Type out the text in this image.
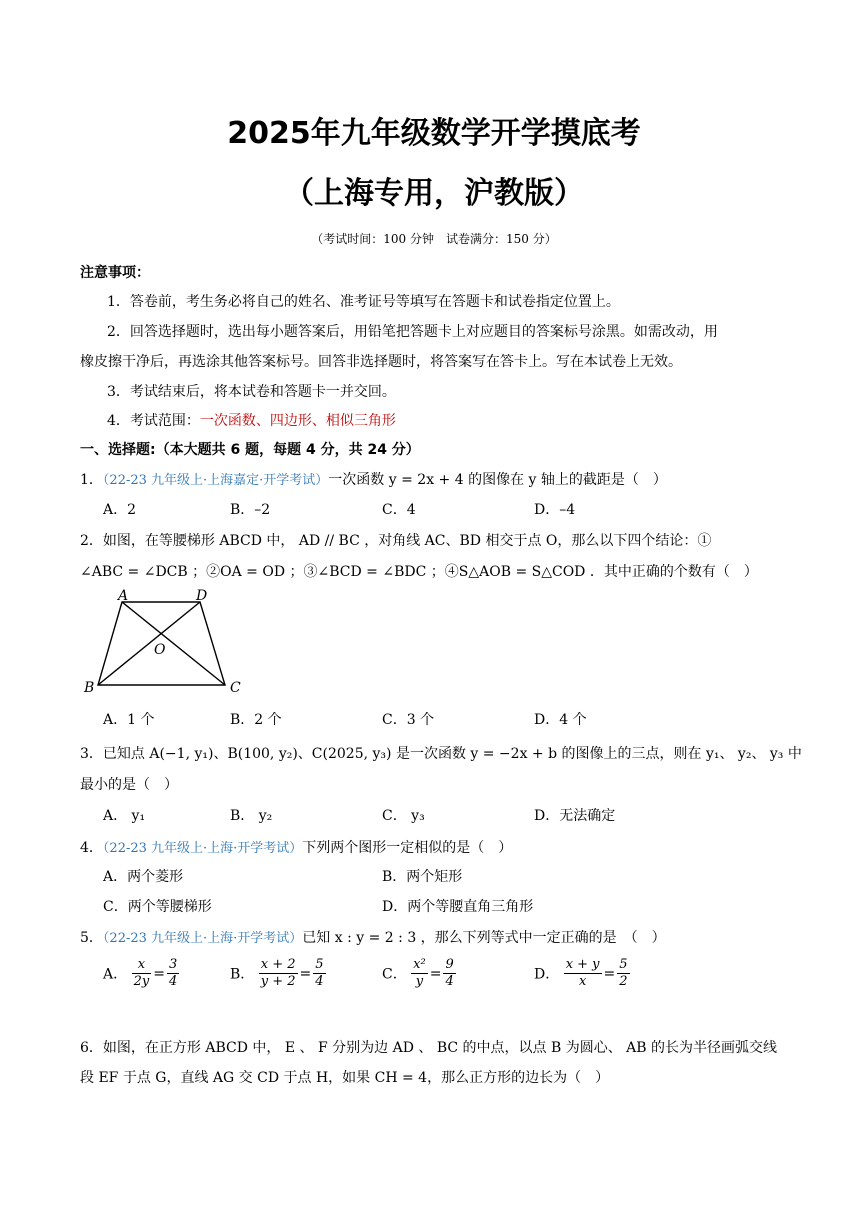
2025年九年级数学开学摸底考
（上海专用，沪教版）
（考试时间：100 分钟　试卷满分：150 分）
注意事项：
1．答卷前，考生务必将自己的姓名、准考证号等填写在答题卡和试卷指定位置上。
2．回答选择题时，选出每小题答案后，用铅笔把答题卡上对应题目的答案标号涂黑。如需改动，用
橡皮擦干净后，再选涂其他答案标号。回答非选择题时，将答案写在答卡上。写在本试卷上无效。
3．考试结束后，将本试卷和答题卡一并交回。
4．考试范围：一次函数、四边形、相似三角形
一、选择题:（本大题共 6 题，每题 4 分，共 24 分）
1．（22-23 九年级上·上海嘉定·开学考试）一次函数 y = 2x + 4 的图像在 y 轴上的截距是（　）
A．2	B．–2	C．4	D．–4
2．如图，在等腰梯形 ABCD 中， AD // BC ，对角线 AC、BD 相交于点 O，那么以下四个结论：①
∠ABC = ∠DCB ；②OA = OD ；③∠BCD = ∠BDC ；④S△AOB = S△COD ．其中正确的个数有（　）
A	D
O
B	C
A．1 个	B．2 个	C．3 个	D．4 个
3．已知点 A(−1, y₁)、B(100, y₂)、C(2025, y₃) 是一次函数 y = −2x + b 的图像上的三点，则在 y₁、 y₂、 y₃ 中
最小的是（　）
A． y₁	B． y₂	C． y₃	D．无法确定
4．（22-23 九年级上·上海·开学考试）下列两个图形一定相似的是（　）
A．两个菱形	B．两个矩形
C．两个等腰梯形	D．两个等腰直角三角形
5．（22-23 九年级上·上海·开学考试）已知 x : y = 2 : 3 ，那么下列等式中一定正确的是　（　）
A． $\frac{x}{2y} = \frac{3}{4}$	B． $\frac{x + 2}{y + 2} = \frac{5}{4}$	C． $\frac{\text{x²}}{y} = \frac{9}{4}$	D． $\frac{x + y}{x} = \frac{5}{2}$
6．如图，在正方形 ABCD 中， E 、 F 分别为边 AD 、 BC 的中点，以点 B 为圆心、 AB 的长为半径画弧交线
段 EF 于点 G，直线 AG 交 CD 于点 H，如果 CH = 4，那么正方形的边长为（　）
